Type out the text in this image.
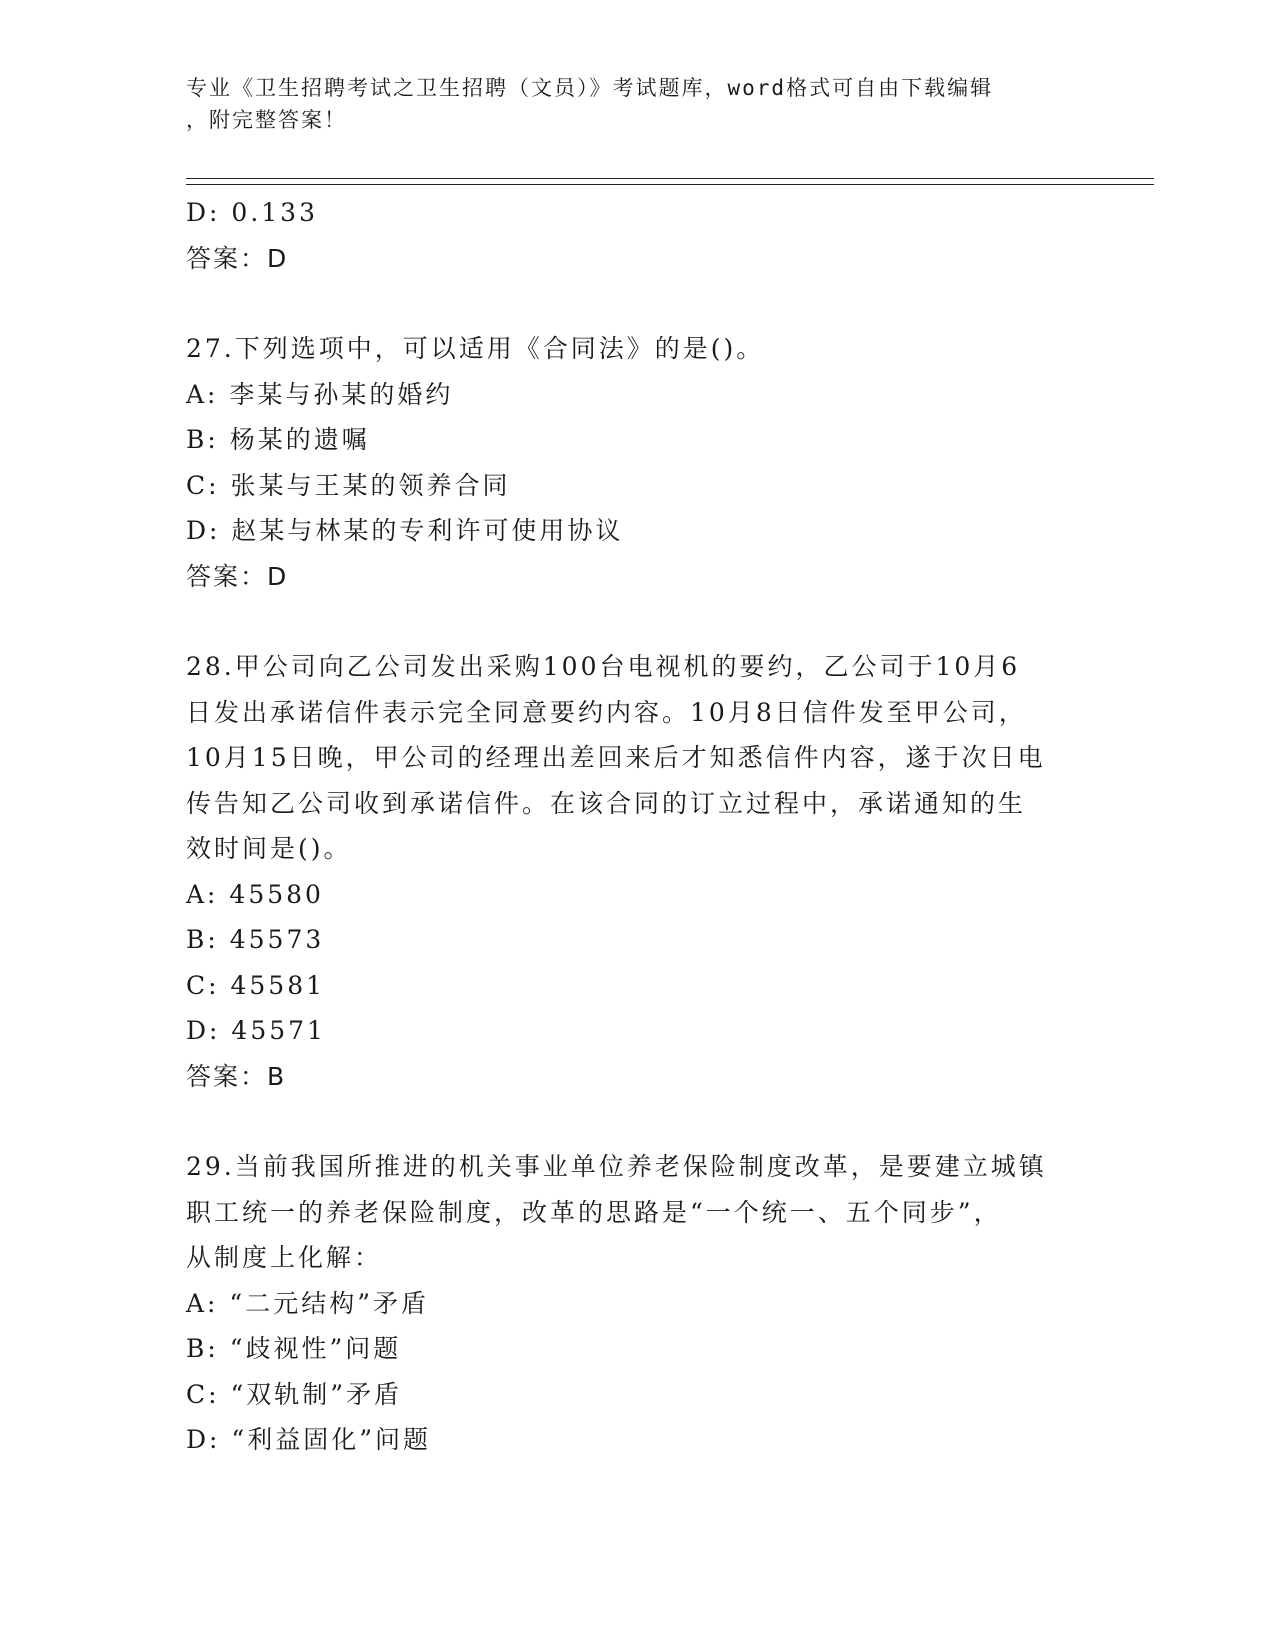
专业《卫生招聘考试之卫生招聘（文员）》考试题库，word格式可自由下载编辑
，附完整答案！
D: 0.133
答案：D
27.下列选项中，可以适用《合同法》的是()。
A: 李某与孙某的婚约
B: 杨某的遗嘱
C: 张某与王某的领养合同
D: 赵某与林某的专利许可使用协议
答案：D
28.甲公司向乙公司发出采购100台电视机的要约，乙公司于10月6
日发出承诺信件表示完全同意要约内容。10月8日信件发至甲公司，
10月15日晚，甲公司的经理出差回来后才知悉信件内容，遂于次日电
传告知乙公司收到承诺信件。在该合同的订立过程中，承诺通知的生
效时间是()。
A: 45580
B: 45573
C: 45581
D: 45571
答案：B
29.当前我国所推进的机关事业单位养老保险制度改革，是要建立城镇
职工统一的养老保险制度，改革的思路是“一个统一、五个同步”，
从制度上化解：
A: “二元结构”矛盾
B: “歧视性”问题
C: “双轨制”矛盾
D: “利益固化”问题
